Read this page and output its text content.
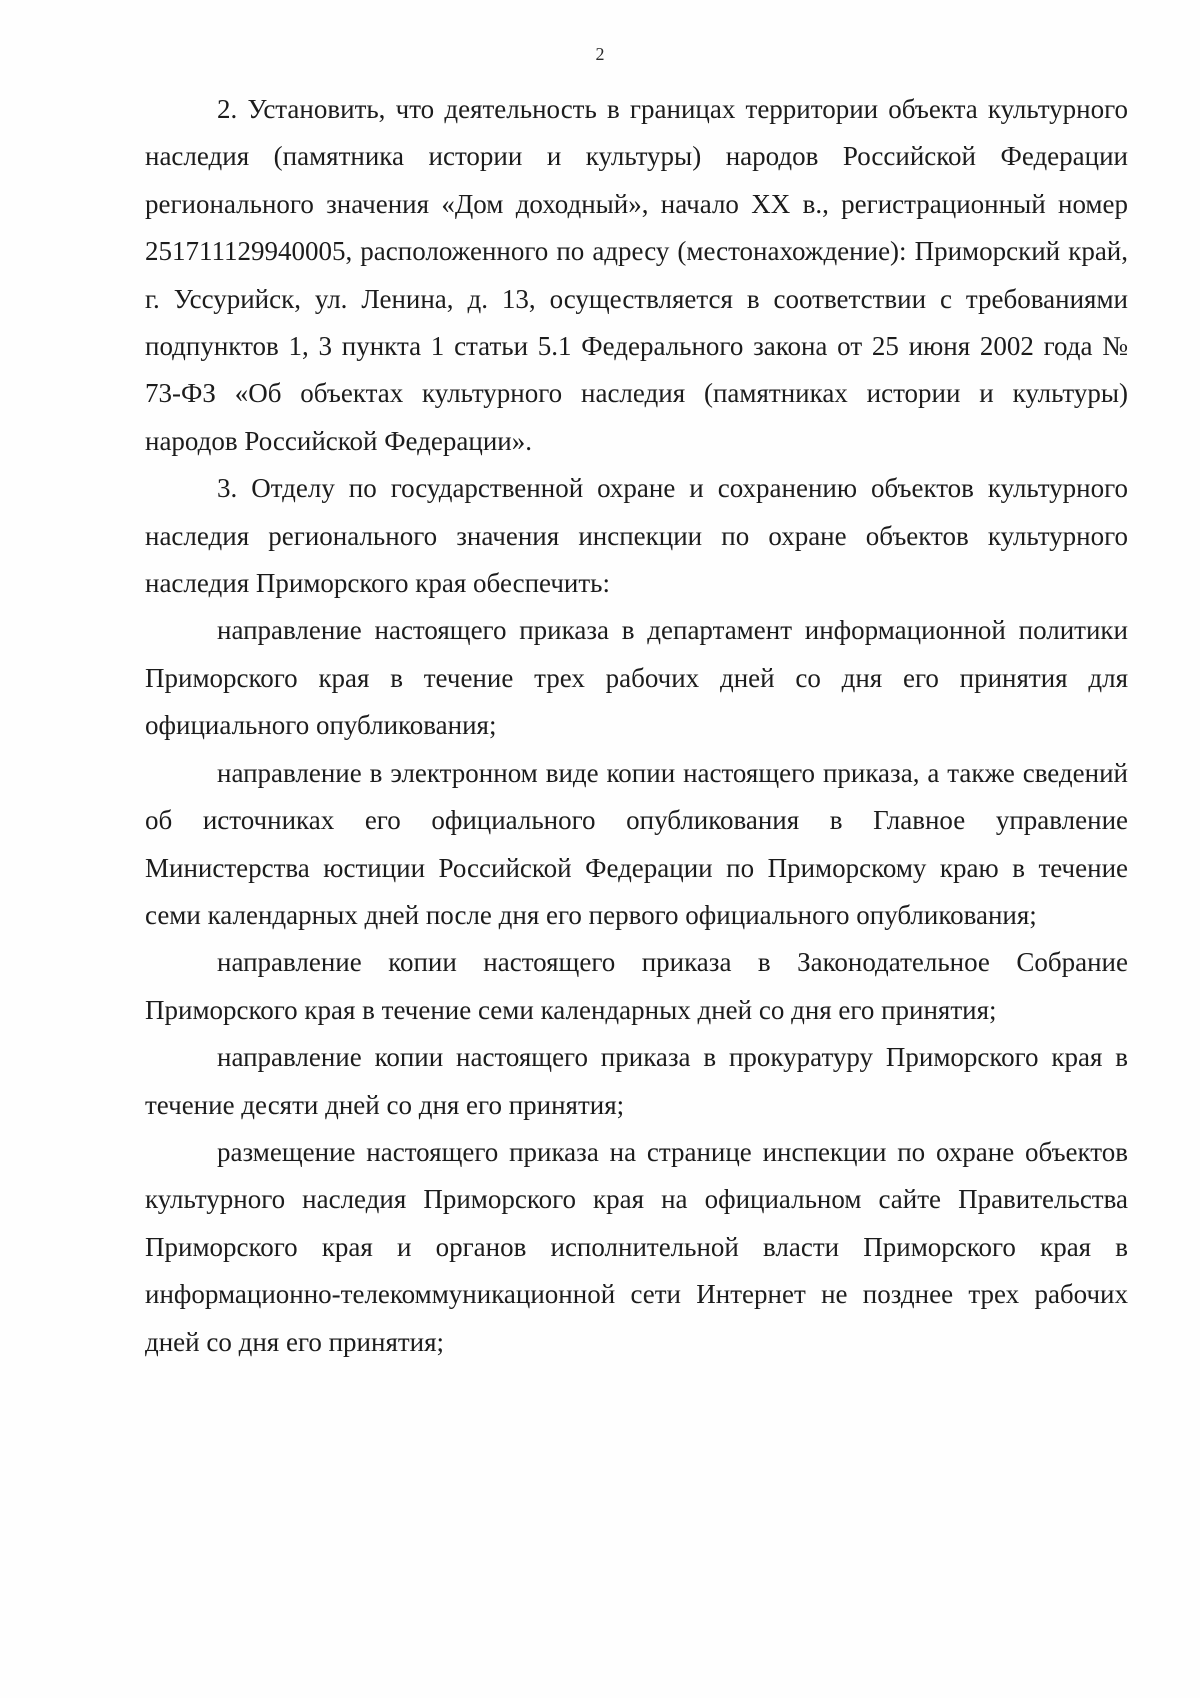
2

2. Установить, что деятельность в границах территории объекта культурного наследия (памятника истории и культуры) народов Российской Федерации регионального значения «Дом доходный», начало XX в., регистрационный номер 251711129940005, расположенного по адресу (местонахождение): Приморский край, г. Уссурийск, ул. Ленина, д. 13, осуществляется в соответствии с требованиями подпунктов 1, 3 пункта 1 статьи 5.1 Федерального закона от 25 июня 2002 года № 73-ФЗ «Об объектах культурного наследия (памятниках истории и культуры) народов Российской Федерации».

3. Отделу по государственной охране и сохранению объектов культурного наследия регионального значения инспекции по охране объектов культурного наследия Приморского края обеспечить:

направление настоящего приказа в департамент информационной политики Приморского края в течение трех рабочих дней со дня его принятия для официального опубликования;

направление в электронном виде копии настоящего приказа, а также сведений об источниках его официального опубликования в Главное управление Министерства юстиции Российской Федерации по Приморскому краю в течение семи календарных дней после дня его первого официального опубликования;

направление копии настоящего приказа в Законодательное Собрание Приморского края в течение семи календарных дней со дня его принятия;

направление копии настоящего приказа в прокуратуру Приморского края в течение десяти дней со дня его принятия;

размещение настоящего приказа на странице инспекции по охране объектов культурного наследия Приморского края на официальном сайте Правительства Приморского края и органов исполнительной власти Приморского края в информационно-телекоммуникационной сети Интернет не позднее трех рабочих дней со дня его принятия;
